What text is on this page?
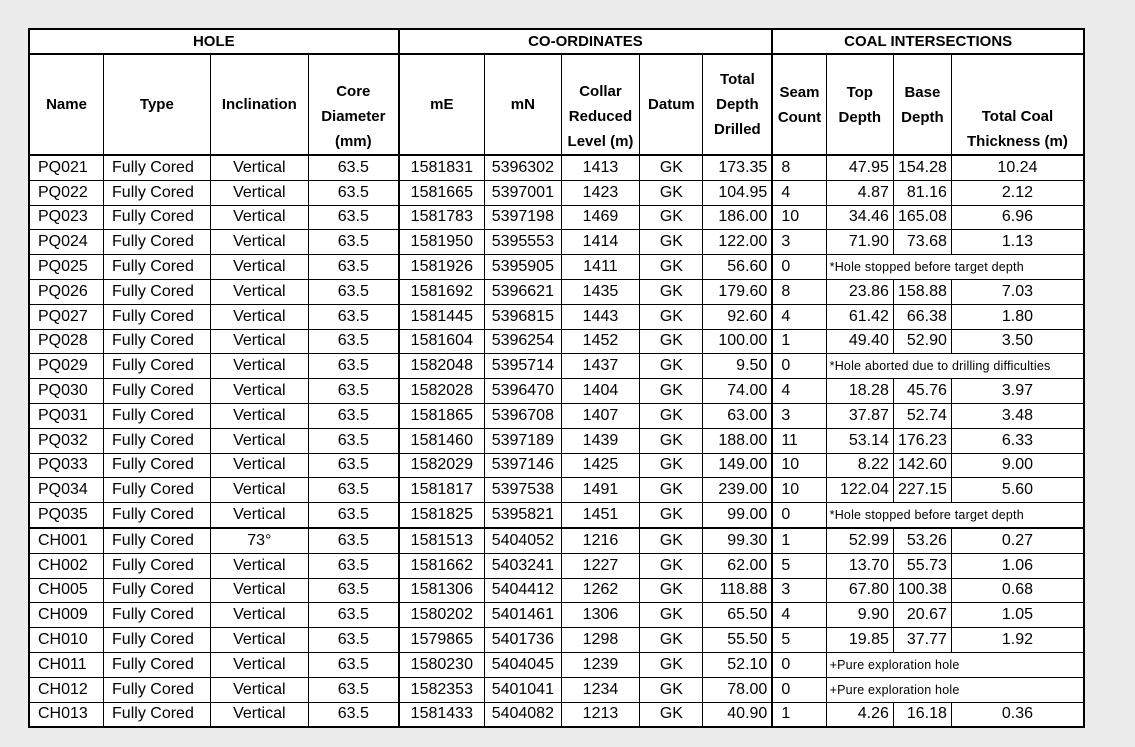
HOLE				CO-ORDINATES					COAL INTERSECTIONS			
Name	Type	Inclination	Core Diameter (mm)	mE	mN	Collar Reduced Level (m)	Datum	Total Depth Drilled	Seam Count	Top Depth	Base Depth	Total Coal Thickness (m)
PQ021	Fully Cored	Vertical	63.5	1581831	5396302	1413	GK	173.35	8	47.95	154.28	10.24
PQ022	Fully Cored	Vertical	63.5	1581665	5397001	1423	GK	104.95	4	4.87	81.16	2.12
PQ023	Fully Cored	Vertical	63.5	1581783	5397198	1469	GK	186.00	10	34.46	165.08	6.96
PQ024	Fully Cored	Vertical	63.5	1581950	5395553	1414	GK	122.00	3	71.90	73.68	1.13
PQ025	Fully Cored	Vertical	63.5	1581926	5395905	1411	GK	56.60	0	*Hole stopped before target depth		
PQ026	Fully Cored	Vertical	63.5	1581692	5396621	1435	GK	179.60	8	23.86	158.88	7.03
PQ027	Fully Cored	Vertical	63.5	1581445	5396815	1443	GK	92.60	4	61.42	66.38	1.80
PQ028	Fully Cored	Vertical	63.5	1581604	5396254	1452	GK	100.00	1	49.40	52.90	3.50
PQ029	Fully Cored	Vertical	63.5	1582048	5395714	1437	GK	9.50	0	*Hole aborted due to drilling difficulties		
PQ030	Fully Cored	Vertical	63.5	1582028	5396470	1404	GK	74.00	4	18.28	45.76	3.97
PQ031	Fully Cored	Vertical	63.5	1581865	5396708	1407	GK	63.00	3	37.87	52.74	3.48
PQ032	Fully Cored	Vertical	63.5	1581460	5397189	1439	GK	188.00	11	53.14	176.23	6.33
PQ033	Fully Cored	Vertical	63.5	1582029	5397146	1425	GK	149.00	10	8.22	142.60	9.00
PQ034	Fully Cored	Vertical	63.5	1581817	5397538	1491	GK	239.00	10	122.04	227.15	5.60
PQ035	Fully Cored	Vertical	63.5	1581825	5395821	1451	GK	99.00	0	*Hole stopped before target depth		
CH001	Fully Cored	73°	63.5	1581513	5404052	1216	GK	99.30	1	52.99	53.26	0.27
CH002	Fully Cored	Vertical	63.5	1581662	5403241	1227	GK	62.00	5	13.70	55.73	1.06
CH005	Fully Cored	Vertical	63.5	1581306	5404412	1262	GK	118.88	3	67.80	100.38	0.68
CH009	Fully Cored	Vertical	63.5	1580202	5401461	1306	GK	65.50	4	9.90	20.67	1.05
CH010	Fully Cored	Vertical	63.5	1579865	5401736	1298	GK	55.50	5	19.85	37.77	1.92
CH011	Fully Cored	Vertical	63.5	1580230	5404045	1239	GK	52.10	0	+Pure exploration hole		
CH012	Fully Cored	Vertical	63.5	1582353	5401041	1234	GK	78.00	0	+Pure exploration hole		
CH013	Fully Cored	Vertical	63.5	1581433	5404082	1213	GK	40.90	1	4.26	16.18	0.36
